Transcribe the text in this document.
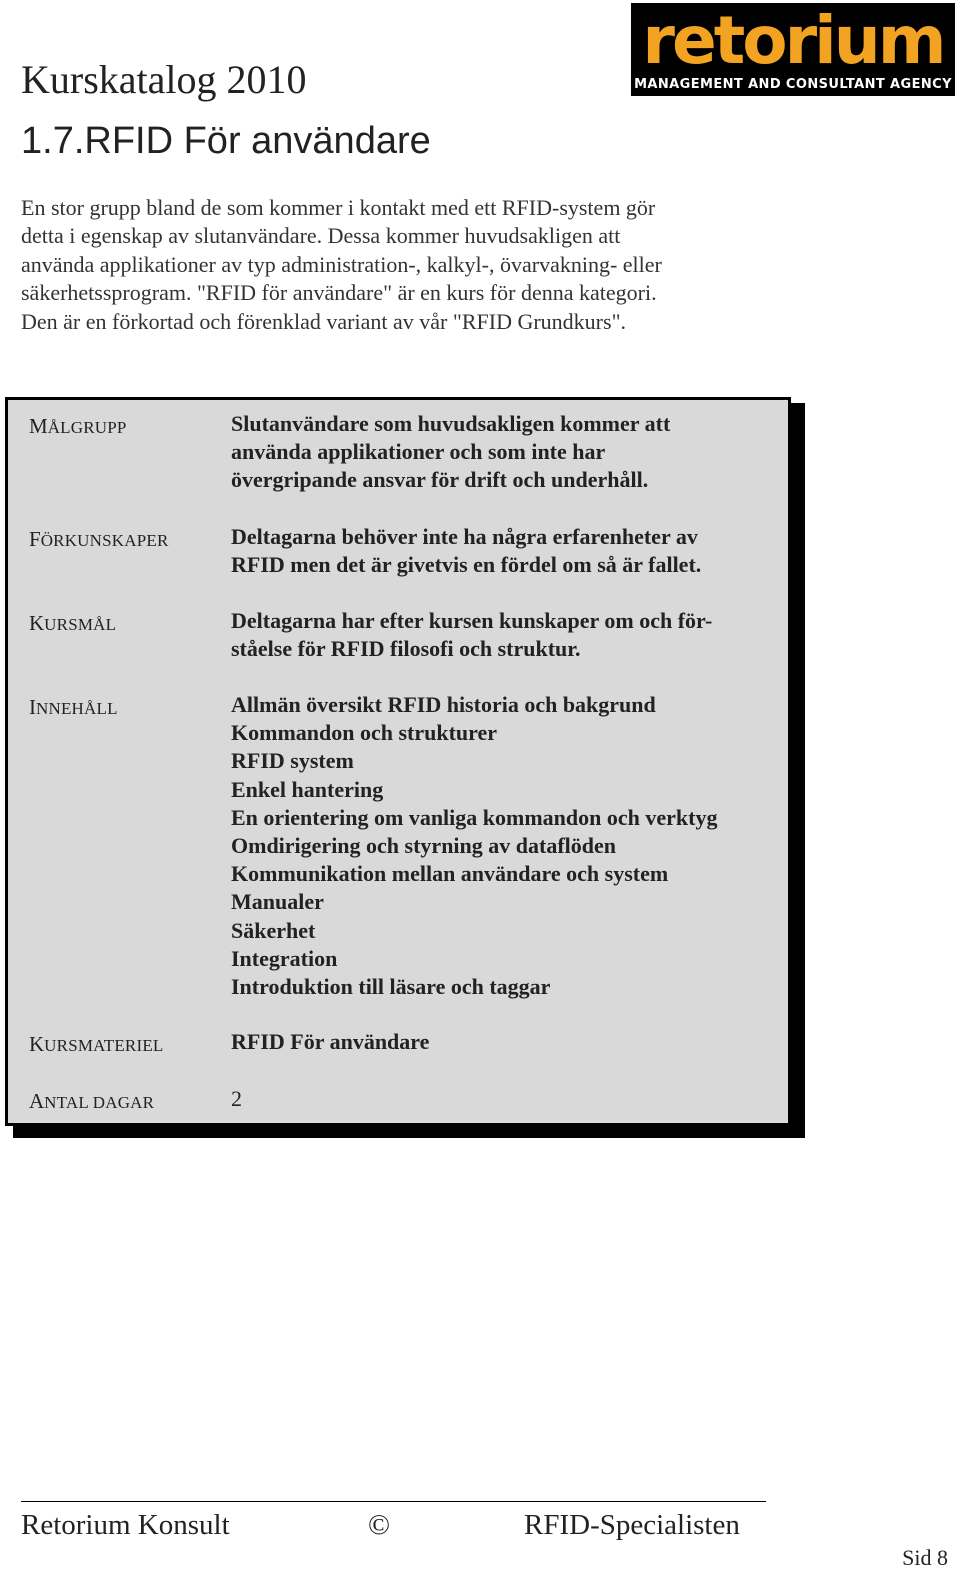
retorium
MANAGEMENT AND CONSULTANT AGENCY
Kurskatalog 2010
1.7.RFID För användare
En stor grupp bland de som kommer i kontakt med ett RFID-system gör
detta i egenskap av slutanvändare. Dessa kommer huvudsakligen att
använda applikationer av typ administration-, kalkyl-, övarvakning- eller
säkerhetssprogram. "RFID för användare" är en kurs för denna kategori.
Den är en förkortad och förenklad variant av vår "RFID Grundkurs".
MÅLGRUPP	Slutanvändare som huvudsakligen kommer att
använda applikationer och som inte har
övergripande ansvar för drift och underhåll.
FÖRKUNSKAPER	Deltagarna behöver inte ha några erfarenheter av
RFID men det är givetvis en fördel om så är fallet.
KURSMÅL	Deltagarna har efter kursen kunskaper om och för-
ståelse för RFID filosofi och struktur.
INNEHÅLL	Allmän översikt RFID historia och bakgrund
Kommandon och strukturer
RFID system
Enkel hantering
En orientering om vanliga kommandon och verktyg
Omdirigering och styrning av dataflöden
Kommunikation mellan användare och system
Manualer
Säkerhet
Integration
Introduktion till läsare och taggar
KURSMATERIEL	RFID För användare
ANTAL DAGAR	2
Retorium Konsult	©	RFID-Specialisten
Sid 8
